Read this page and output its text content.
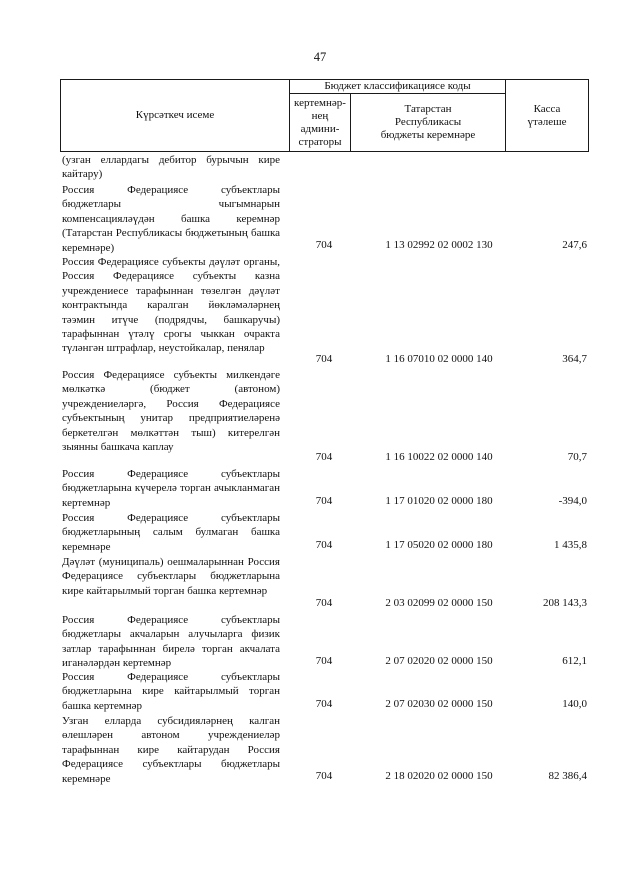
47
Күрсәткеч исеме
Бюджет классификациясе коды
кертемнәр-
нең
админи-
страторы
Татарстан
Республикасы
бюджеты керемнәре
Касса
үтәлеше
(узган еллардагы дебитор бурычын кире кайтару)
Россия Федерациясе субъектлары бюджетлары чыгымнарын компенсацияләүдән башка керемнәр (Татарстан Республикасы бюджетының башка керемнәре)	704	1 13 02992 02 0002 130	247,6
Россия Федерациясе субъекты дәүләт органы, Россия Федерациясе субъекты казна учреждениесе тарафыннан төзелгән дәүләт контрактында каралган йөкләмәләрнең тәэмин итүче (подрядчы, башкаручы) тарафыннан үтәлү срогы чыккан очракта түләнгән штрафлар, неустойкалар, пенялар
704	1 16 07010 02 0000 140	364,7
Россия Федерациясе субъекты милкендәге мөлкәткә (бюджет (автоном) учреждениеләргә, Россия Федерациясе субъектының унитар предприятиеләренә беркетелгән мөлкәттән тыш) китерелгән зыянны башкача каплау
704	1 16 10022 02 0000 140	70,7
Россия Федерациясе субъектлары бюджетларына күчерелә торган ачыкланмаган кертемнәр	704	1 17 01020 02 0000 180	-394,0
Россия Федерациясе субъектлары бюджетларының салым булмаган башка керемнәре	704	1 17 05020 02 0000 180	1 435,8
Дәүләт (муниципаль) оешмаларыннан Россия Федерациясе субъектлары бюджетларына кире кайтарылмый торган башка кертемнәр
704	2 03 02099 02 0000 150	208 143,3
Россия Федерациясе субъектлары бюджетлары акчаларын алучыларга физик затлар тарафыннан бирелә торган акчалата иганәләрдән кертемнәр	704	2 07 02020 02 0000 150	612,1
Россия Федерациясе субъектлары бюджетларына кире кайтарылмый торган башка кертемнәр	704	2 07 02030 02 0000 150	140,0
Узган елларда субсидияләрнең калган өлешләрен автоном учреждениеләр тарафыннан кире кайтарудан Россия Федерациясе субъектлары бюджетлары керемнәре	704	2 18 02020 02 0000 150	82 386,4
